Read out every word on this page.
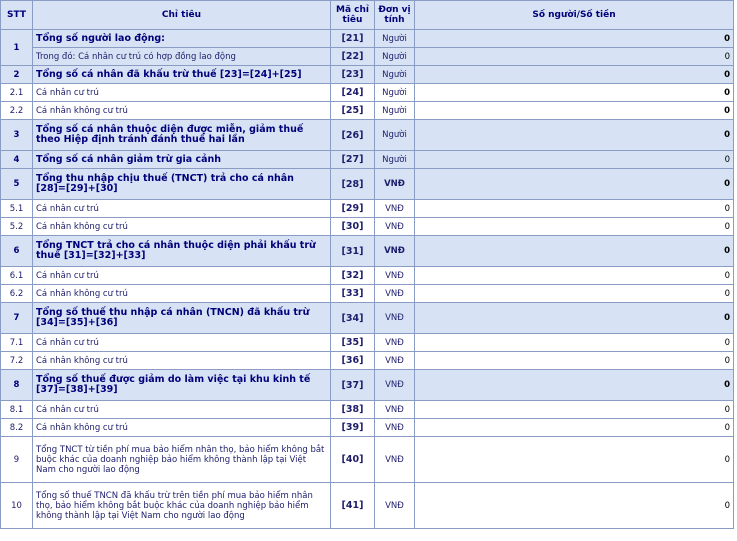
STT	Chỉ tiêu	Mã chỉ tiêu	Đơn vị tính	Số người/Số tiền
1	Tổng số người lao động:	[21]	Người	0
	Trong đó: Cá nhân cư trú có hợp đồng lao động	[22]	Người	0
2	Tổng số cá nhân đã khấu trừ thuế [23]=[24]+[25]	[23]	Người	0
2.1	Cá nhân cư trú	[24]	Người	0
2.2	Cá nhân không cư trú	[25]	Người	0
3	Tổng số cá nhân thuộc diện được miễn, giảm thuế theo Hiệp định tránh đánh thuế hai lần	[26]	Người	0
4	Tổng số cá nhân giảm trừ gia cảnh	[27]	Người	0
5	Tổng thu nhập chịu thuế (TNCT) trả cho cá nhân [28]=[29]+[30]	[28]	VNĐ	0
5.1	Cá nhân cư trú	[29]	VNĐ	0
5.2	Cá nhân không cư trú	[30]	VNĐ	0
6	Tổng TNCT trả cho cá nhân thuộc diện phải khấu trừ thuế [31]=[32]+[33]	[31]	VNĐ	0
6.1	Cá nhân cư trú	[32]	VNĐ	0
6.2	Cá nhân không cư trú	[33]	VNĐ	0
7	Tổng số thuế thu nhập cá nhân (TNCN) đã khấu trừ [34]=[35]+[36]	[34]	VNĐ	0
7.1	Cá nhân cư trú	[35]	VNĐ	0
7.2	Cá nhân không cư trú	[36]	VNĐ	0
8	Tổng số thuế được giảm do làm việc tại khu kinh tế [37]=[38]+[39]	[37]	VNĐ	0
8.1	Cá nhân cư trú	[38]	VNĐ	0
8.2	Cá nhân không cư trú	[39]	VNĐ	0
9	Tổng TNCT từ tiền phí mua bảo hiểm nhân thọ, bảo hiểm không bắt buộc khác của doanh nghiệp bảo hiểm không thành lập tại Việt Nam cho người lao động	[40]	VNĐ	0
10	Tổng số thuế TNCN đã khấu trừ trên tiền phí mua bảo hiểm nhân thọ, bảo hiểm không bắt buộc khác của doanh nghiệp bảo hiểm không thành lập tại Việt Nam cho người lao động	[41]	VNĐ	0
